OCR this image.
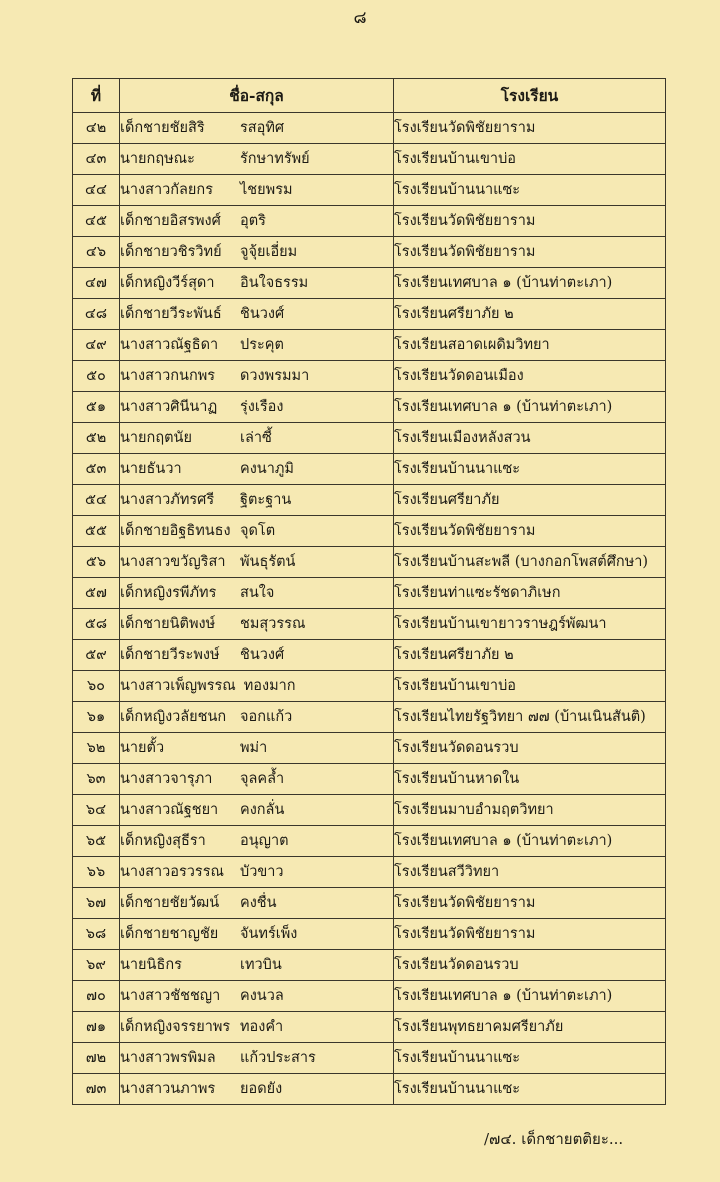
๘
ที่	ชื่อ-สกุล	โรงเรียน
๔๒	เด็กชายชัยสิริ รสอุทิศ	โรงเรียนวัดพิชัยยาราม
๔๓	นายกฤษณะ รักษาทรัพย์	โรงเรียนบ้านเขาบ่อ
๔๔	นางสาวกัลยกร ไชยพรม	โรงเรียนบ้านนาแซะ
๔๕	เด็กชายอิสรพงศ์ อุตริ	โรงเรียนวัดพิชัยยาราม
๔๖	เด็กชายวชิรวิทย์ จูจุ้ยเอี่ยม	โรงเรียนวัดพิชัยยาราม
๔๗	เด็กหญิงวีร์สุดา อินใจธรรม	โรงเรียนเทศบาล ๑ (บ้านท่าตะเภา)
๔๘	เด็กชายวีระพันธ์ ชินวงศ์	โรงเรียนศรียาภัย ๒
๔๙	นางสาวณัฐธิดา ประคุต	โรงเรียนสอาดเผดิมวิทยา
๕๐	นางสาวกนกพร ดวงพรมมา	โรงเรียนวัดดอนเมือง
๕๑	นางสาวศินีนาฏ รุ่งเรือง	โรงเรียนเทศบาล ๑ (บ้านท่าตะเภา)
๕๒	นายกฤตนัย เล่าซี้	โรงเรียนเมืองหลังสวน
๕๓	นายธันวา คงนาภูมิ	โรงเรียนบ้านนาแซะ
๕๔	นางสาวภัทรศรี ฐิตะฐาน	โรงเรียนศรียาภัย
๕๕	เด็กชายอิฐธิทนธง จุดโต	โรงเรียนวัดพิชัยยาราม
๕๖	นางสาวขวัญริสา พันธุรัตน์	โรงเรียนบ้านสะพลี (บางกอกโพสต์ศึกษา)
๕๗	เด็กหญิงรพีภัทร สนใจ	โรงเรียนท่าแซะรัชดาภิเษก
๕๘	เด็กชายนิติพงษ์ ชมสุวรรณ	โรงเรียนบ้านเขายาวราษฎร์พัฒนา
๕๙	เด็กชายวีระพงษ์ ชินวงศ์	โรงเรียนศรียาภัย ๒
๖๐	นางสาวเพ็ญพรรณ ทองมาก	โรงเรียนบ้านเขาบ่อ
๖๑	เด็กหญิงวลัยชนก จอกแก้ว	โรงเรียนไทยรัฐวิทยา ๗๗ (บ้านเนินสันติ)
๖๒	นายตั้ว พม่า	โรงเรียนวัดดอนรวบ
๖๓	นางสาวจารุภา จุลคล้ำ	โรงเรียนบ้านหาดใน
๖๔	นางสาวณัฐชยา คงกลั่น	โรงเรียนมาบอำมฤตวิทยา
๖๕	เด็กหญิงสุธีรา อนุญาต	โรงเรียนเทศบาล ๑ (บ้านท่าตะเภา)
๖๖	นางสาวอรวรรณ บัวขาว	โรงเรียนสวีวิทยา
๖๗	เด็กชายชัยวัฒน์ คงชื่น	โรงเรียนวัดพิชัยยาราม
๖๘	เด็กชายชาญชัย จันทร์เพ็ง	โรงเรียนวัดพิชัยยาราม
๖๙	นายนิธิกร เทวบิน	โรงเรียนวัดดอนรวบ
๗๐	นางสาวชัชชญา คงนวล	โรงเรียนเทศบาล ๑ (บ้านท่าตะเภา)
๗๑	เด็กหญิงจรรยาพร ทองคำ	โรงเรียนพุทธยาคมศรียาภัย
๗๒	นางสาวพรพิมล แก้วประสาร	โรงเรียนบ้านนาแซะ
๗๓	นางสาวนภาพร ยอดยัง	โรงเรียนบ้านนาแซะ
/๗๔. เด็กชายตติยะ...
